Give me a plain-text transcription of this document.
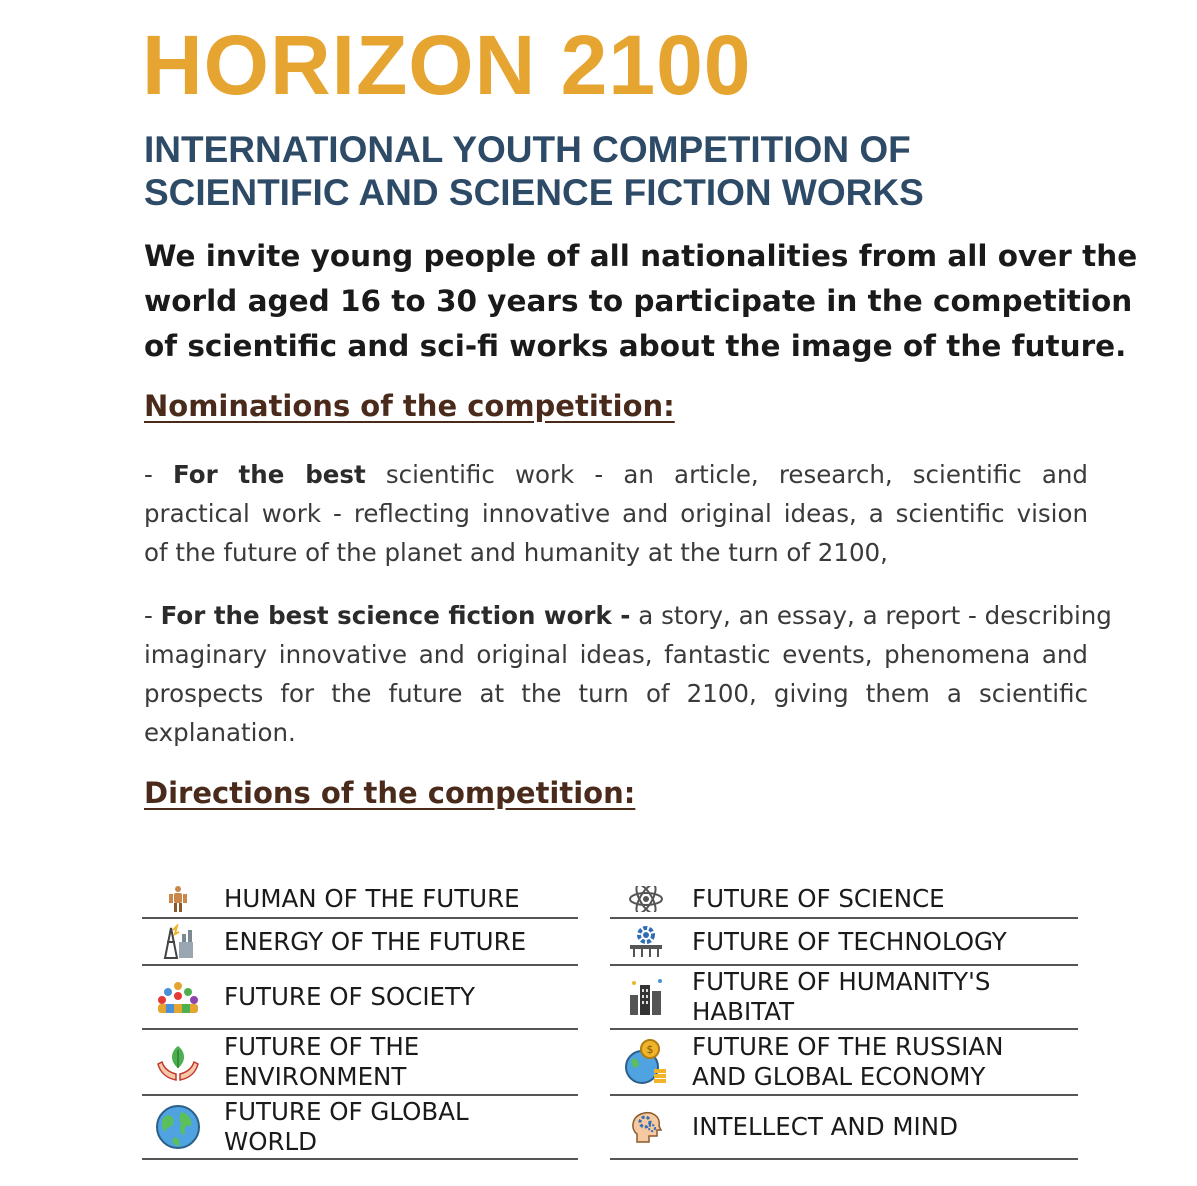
HORIZON 2100
INTERNATIONAL YOUTH COMPETITION OF
SCIENTIFIC AND SCIENCE FICTION WORKS

We invite young people of all nationalities from all over the
world aged 16 to 30 years to participate in the competition
of scientific and sci-fi works about the image of the future.

Nominations of the competition:
- For the best scientific work - an article, research, scientific and
practical work - reflecting innovative and original ideas, a scientific vision
of the future of the planet and humanity at the turn of 2100,
- For the best science fiction work - a story, an essay, a report - describing
imaginary innovative and original ideas, fantastic events, phenomena and
prospects for the future at the turn of 2100, giving them a scientific
explanation.
Directions of the competition:
HUMAN OF THE FUTURE
ENERGY OF THE FUTURE
FUTURE OF SOCIETY
FUTURE OF THE
ENVIRONMENT
FUTURE OF GLOBAL
WORLD
FUTURE OF SCIENCE
FUTURE OF TECHNOLOGY
FUTURE OF HUMANITY'S
HABITAT
$ FUTURE OF THE RUSSIAN
AND GLOBAL ECONOMY
INTELLECT AND MIND
